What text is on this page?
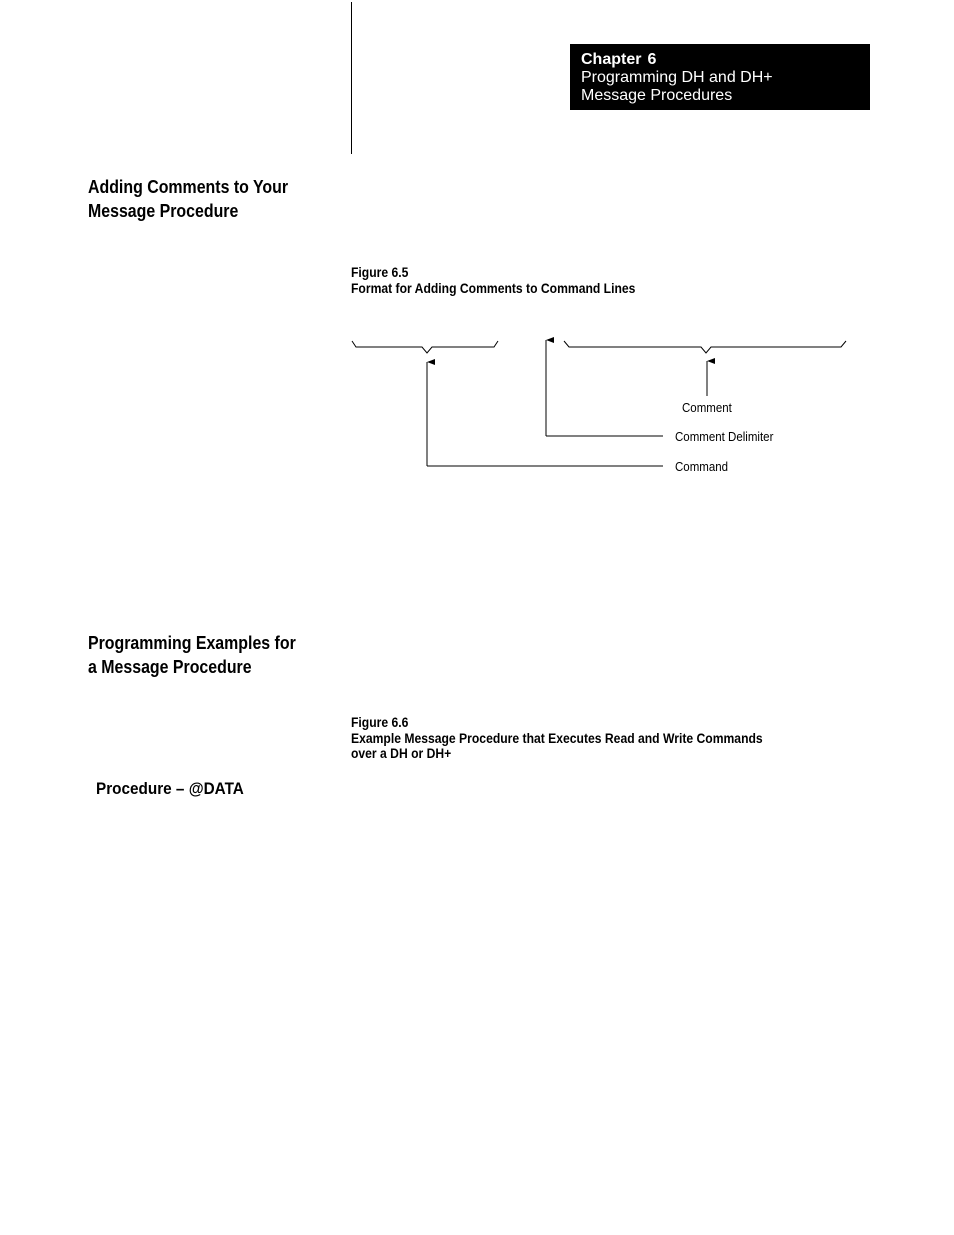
Chapter 6
Programming DH and DH+
Message Procedures
Adding Comments to Your
Message Procedure
Figure 6.5
Format for Adding Comments to Command Lines
Comment
Comment Delimiter
Command
Programming Examples for
a Message Procedure
Figure 6.6
Example Message Procedure that Executes Read and Write Commands
over a DH or DH+
Procedure – @DATA
